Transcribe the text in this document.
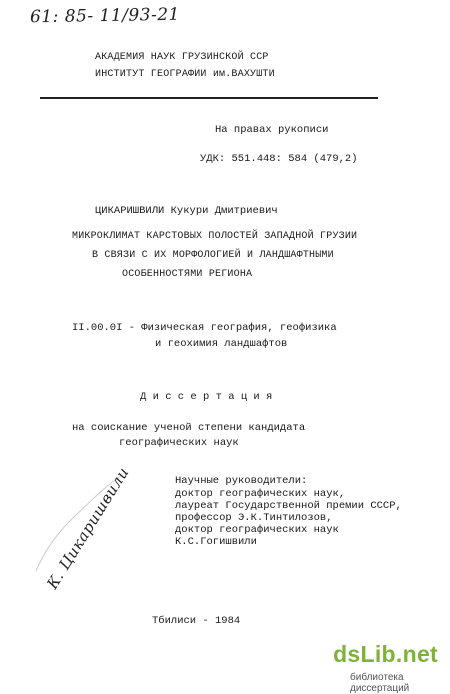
61: 85- 11/93-21
АКАДЕМИЯ НАУК ГРУЗИНСКОЙ ССР
ИНСТИТУТ ГЕОГРАФИИ им.ВАХУШТИ
На правах рукописи
УДК: 551.448: 584 (479,2)
ЦИКАРИШВИЛИ Кукури Дмитриевич
МИКРОКЛИМАТ КАРСТОВЫХ ПОЛОСТЕЙ ЗАПАДНОЙ ГРУЗИИ
В СВЯЗИ С ИХ МОРФОЛОГИЕЙ И ЛАНДШАФТНЫМИ
ОСОБЕННОСТЯМИ РЕГИОНА
II.00.0I - Физическая география, геофизика
и геохимия ландшафтов
Д и с с е р т а ц и я
на соискание ученой степени кандидата
географических наук
Научные руководители:
доктор географических наук,
лауреат Государственной премии СССР,
профессор Э.К.Тинтилозов,
доктор географических наук
К.С.Гогишвили
К. Цикаришвили
Тбилиси - 1984
dsLib.net
библиотека диссертаций
